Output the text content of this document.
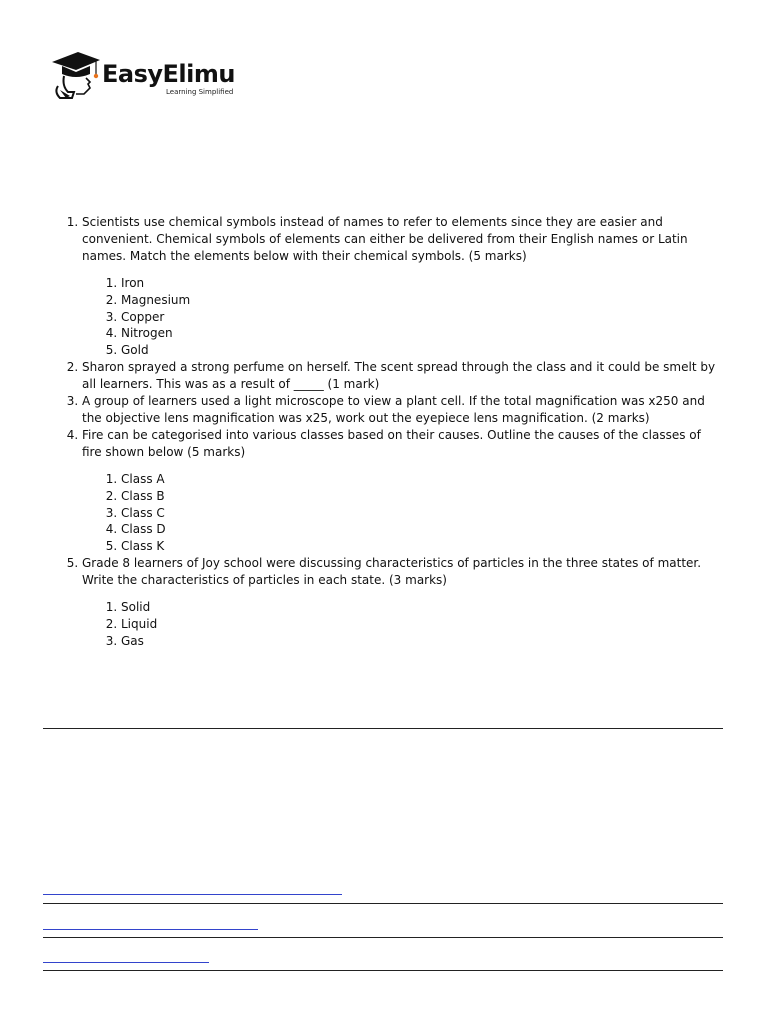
EasyElimu
Learning Simplified
1. Scientists use chemical symbols instead of names to refer to elements since they are easier and convenient. Chemical symbols of elements can either be delivered from their English names or Latin names. Match the elements below with their chemical symbols. (5 marks)
1. Iron
2. Magnesium
3. Copper
4. Nitrogen
5. Gold
2. Sharon sprayed a strong perfume on herself. The scent spread through the class and it could be smelt by all learners. This was as a result of _____ (1 mark)
3. A group of learners used a light microscope to view a plant cell. If the total magnification was x250 and the objective lens magnification was x25, work out the eyepiece lens magnification. (2 marks)
4. Fire can be categorised into various classes based on their causes. Outline the causes of the classes of fire shown below (5 marks)
1. Class A
2. Class B
3. Class C
4. Class D
5. Class K
5. Grade 8 learners of Joy school were discussing characteristics of particles in the three states of matter. Write the characteristics of particles in each state. (3 marks)
1. Solid
2. Liquid
3. Gas
